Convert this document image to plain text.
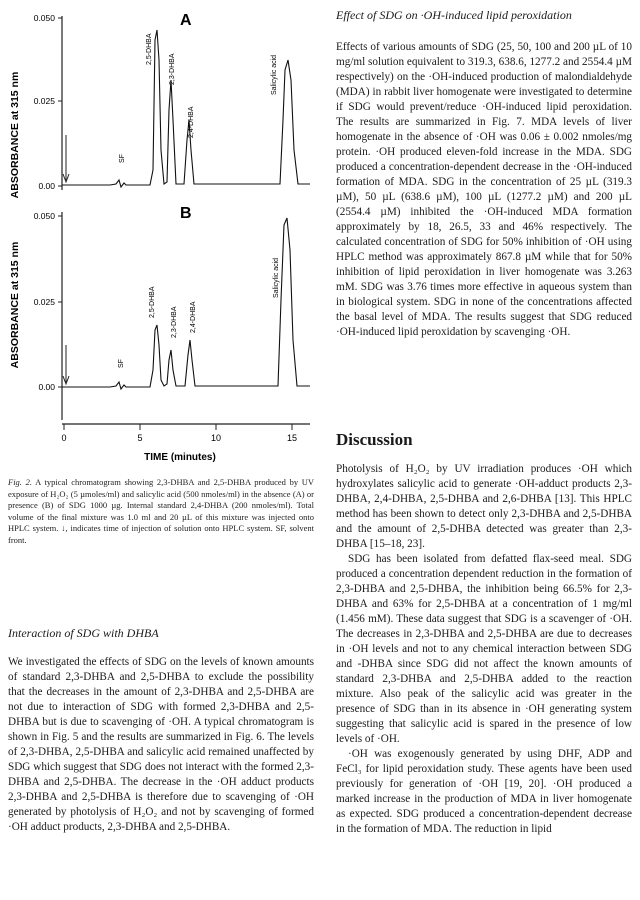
A
ABSORBANCE at 315 nm
0.050
0.025
0.00
SF
2,5-DHBA
2,3-DHBA
2,4-DHBA
Salicylic acid
B
ABSORBANCE at 315 nm
0.050
0.025
0.00
SF
2,5-DHBA
2,3-DHBA 2,4-DHBA
Salicylic acid
0	5	10	15
TIME (minutes)
Fig. 2. A typical chromatogram showing 2,3-DHBA and 2,5-DHBA produced by UV exposure of H₂O₂ (5 µmoles/ml) and salicylic acid (500 nmoles/ml) in the absence (A) or presence (B) of SDG 1000 µg. Internal standard 2,4-DHBA (200 nmoles/ml). Total volume of the final mixture was 1.0 ml and 20 µL of this mixture was injected onto HPLC system. ↓, indicates time of injection of solution onto HPLC system. SF, solvent front.

Interaction of SDG with DHBA

We investigated the effects of SDG on the levels of known amounts of standard 2,3-DHBA and 2,5-DHBA to exclude the possibility that the decreases in the amount of 2,3-DHBA and 2,5-DHBA are not due to interaction of SDG with formed 2,3-DHBA and 2,5-DHBA but is due to scavenging of ·OH. A typical chromatogram is shown in Fig. 5 and the results are summarized in Fig. 6. The levels of 2,3-DHBA, 2,5-DHBA and salicylic acid remained unaffected by SDG which suggest that SDG does not interact with the formed 2,3-DHBA and 2,5-DHBA. The decrease in the ·OH adduct products 2,3-DHBA and 2,5-DHBA is therefore due to scavenging of ·OH generated by photolysis of H₂O₂ and not by scavenging of formed ·OH adduct products, 2,3-DHBA and 2,5-DHBA.

Effect of SDG on ·OH-induced lipid peroxidation

Effects of various amounts of SDG (25, 50, 100 and 200 µL of 10 mg/ml solution equivalent to 319.3, 638.6, 1277.2 and 2554.4 µM respectively) on the ·OH-induced production of malondialdehyde (MDA) in rabbit liver homogenate were investigated to determine if SDG would prevent/reduce ·OH-induced lipid peroxidation. The results are summarized in Fig. 7. MDA levels of liver homogenate in the absence of ·OH was 0.06 ± 0.002 nmoles/mg protein. ·OH produced eleven-fold increase in the MDA. SDG produced a concentration-dependent decrease in the ·OH-induced formation of MDA. SDG in the concentration of 25 µL (319.3 µM), 50 µL (638.6 µM), 100 µL (1277.2 µM) and 200 µL (2554.4 µM) inhibited the ·OH-induced MDA formation approximately by 18, 26.5, 33 and 46% respectively. The calculated concentration of SDG for 50% inhibition of ·OH using HPLC method was approximately 867.8 µM while that for 50% inhibition of lipid peroxidation in liver homogenate was 3.263 mM. SDG was 3.76 times more effective in aqueous system than in biological system. SDG in none of the concentrations affected the basal level of MDA. The results suggest that SDG reduced ·OH-induced lipid peroxidation by scavenging ·OH.

Discussion

Photolysis of H₂O₂ by UV irradiation produces ·OH which hydroxylates salicylic acid to generate ·OH-adduct products 2,3-DHBA, 2,4-DHBA, 2,5-DHBA and 2,6-DHBA [13]. This HPLC method has been shown to detect only 2,3-DHBA and 2,5-DHBA and the amount of 2,5-DHBA detected was greater than 2,3-DHBA [15–18, 23].

SDG has been isolated from defatted flax-seed meal. SDG produced a concentration dependent reduction in the formation of 2,3-DHBA and 2,5-DHBA, the inhibition being 66.5% for 2,3-DHBA and 63% for 2,5-DHBA at a concentration of 1 mg/ml (1.456 mM). These data suggest that SDG is a scavenger of ·OH. The decreases in 2,3-DHBA and 2,5-DHBA are due to decreases in ·OH levels and not to any chemical interaction between SDG and -DHBA since SDG did not affect the known amounts of standard 2,3-DHBA and 2,5-DHBA added to the reaction mixture. Also peak of the salicylic acid was greater in the presence of SDG than in its absence in ·OH generating system suggesting that salicylic acid is spared in the presence of low levels of ·OH.

·OH was exogenously generated by using DHF, ADP and FeCl₃ for lipid peroxidation study. These agents have been used previously for generation of ·OH [19, 20]. ·OH produced a marked increase in the production of MDA in liver homogenate as expected. SDG produced a concentration-dependent decrease in the formation of MDA. The reduction in lipid
